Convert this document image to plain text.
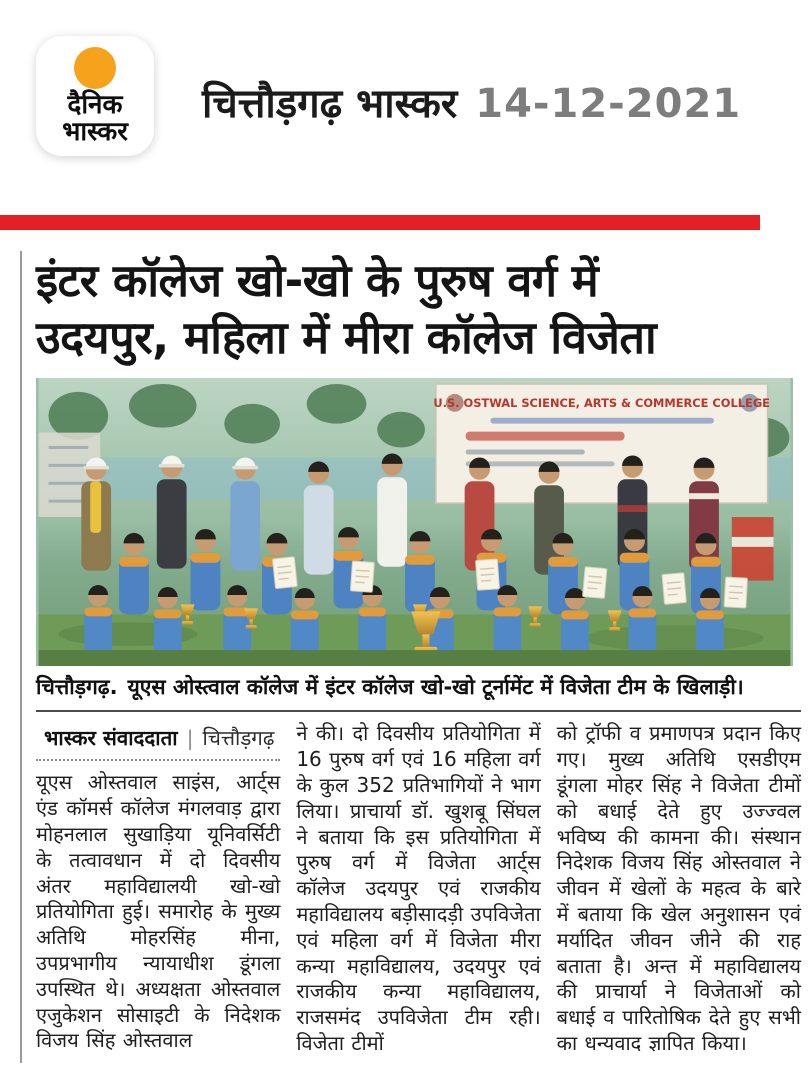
दैनिक
भास्कर
चित्तौड़गढ़ भास्कर 14-12-2021
इंटर कॉलेज खो-खो के पुरुष वर्ग में
उदयपुर, महिला में मीरा कॉलेज विजेता
U.S. OSTWAL SCIENCE, ARTS & COMMERCE COLLEGE
चित्तौड़गढ़. यूएस ओस्त्वाल कॉलेज में इंटर कॉलेज खो-खो टूर्नामेंट में विजेता टीम के खिलाड़ी।
भास्कर संवाददाता | चित्तौड़गढ़

यूएस ओस्तवाल साइंस, आर्ट्स एंड कॉमर्स कॉलेज मंगलवाड़ द्वारा मोहनलाल सुखाड़िया यूनिवर्सिटी के तत्वावधान में दो दिवसीय अंतर महाविद्यालयी खो-खो प्रतियोगिता हुई। समारोह के मुख्य अतिथि मोहरसिंह मीना, उपप्रभागीय न्यायाधीश डूंगला उपस्थित थे। अध्यक्षता ओस्तवाल एजुकेशन सोसाइटी के निदेशक विजय सिंह ओस्तवाल

ने की। दो दिवसीय प्रतियोगिता में 16 पुरुष वर्ग एवं 16 महिला वर्ग के कुल 352 प्रतिभागियों ने भाग लिया। प्राचार्या डॉ. खुशबू सिंघल ने बताया कि इस प्रतियोगिता में पुरुष वर्ग में विजेता आर्ट्स कॉलेज उदयपुर एवं राजकीय महाविद्यालय बड़ीसादड़ी उपविजेता एवं महिला वर्ग में विजेता मीरा कन्या महाविद्यालय, उदयपुर एवं राजकीय कन्या महाविद्यालय, राजसमंद उपविजेता टीम रही। विजेता टीमों

को ट्रॉफी व प्रमाणपत्र प्रदान किए गए। मुख्य अतिथि एसडीएम डूंगला मोहर सिंह ने विजेता टीमों को बधाई देते हुए उज्ज्वल भविष्य की कामना की। संस्थान निदेशक विजय सिंह ओस्तवाल ने जीवन में खेलों के महत्व के बारे में बताया कि खेल अनुशासन एवं मर्यादित जीवन जीने की राह बताता है। अन्त में महाविद्यालय की प्राचार्या ने विजेताओं को बधाई व पारितोषिक देते हुए सभी का धन्यवाद ज्ञापित किया।
